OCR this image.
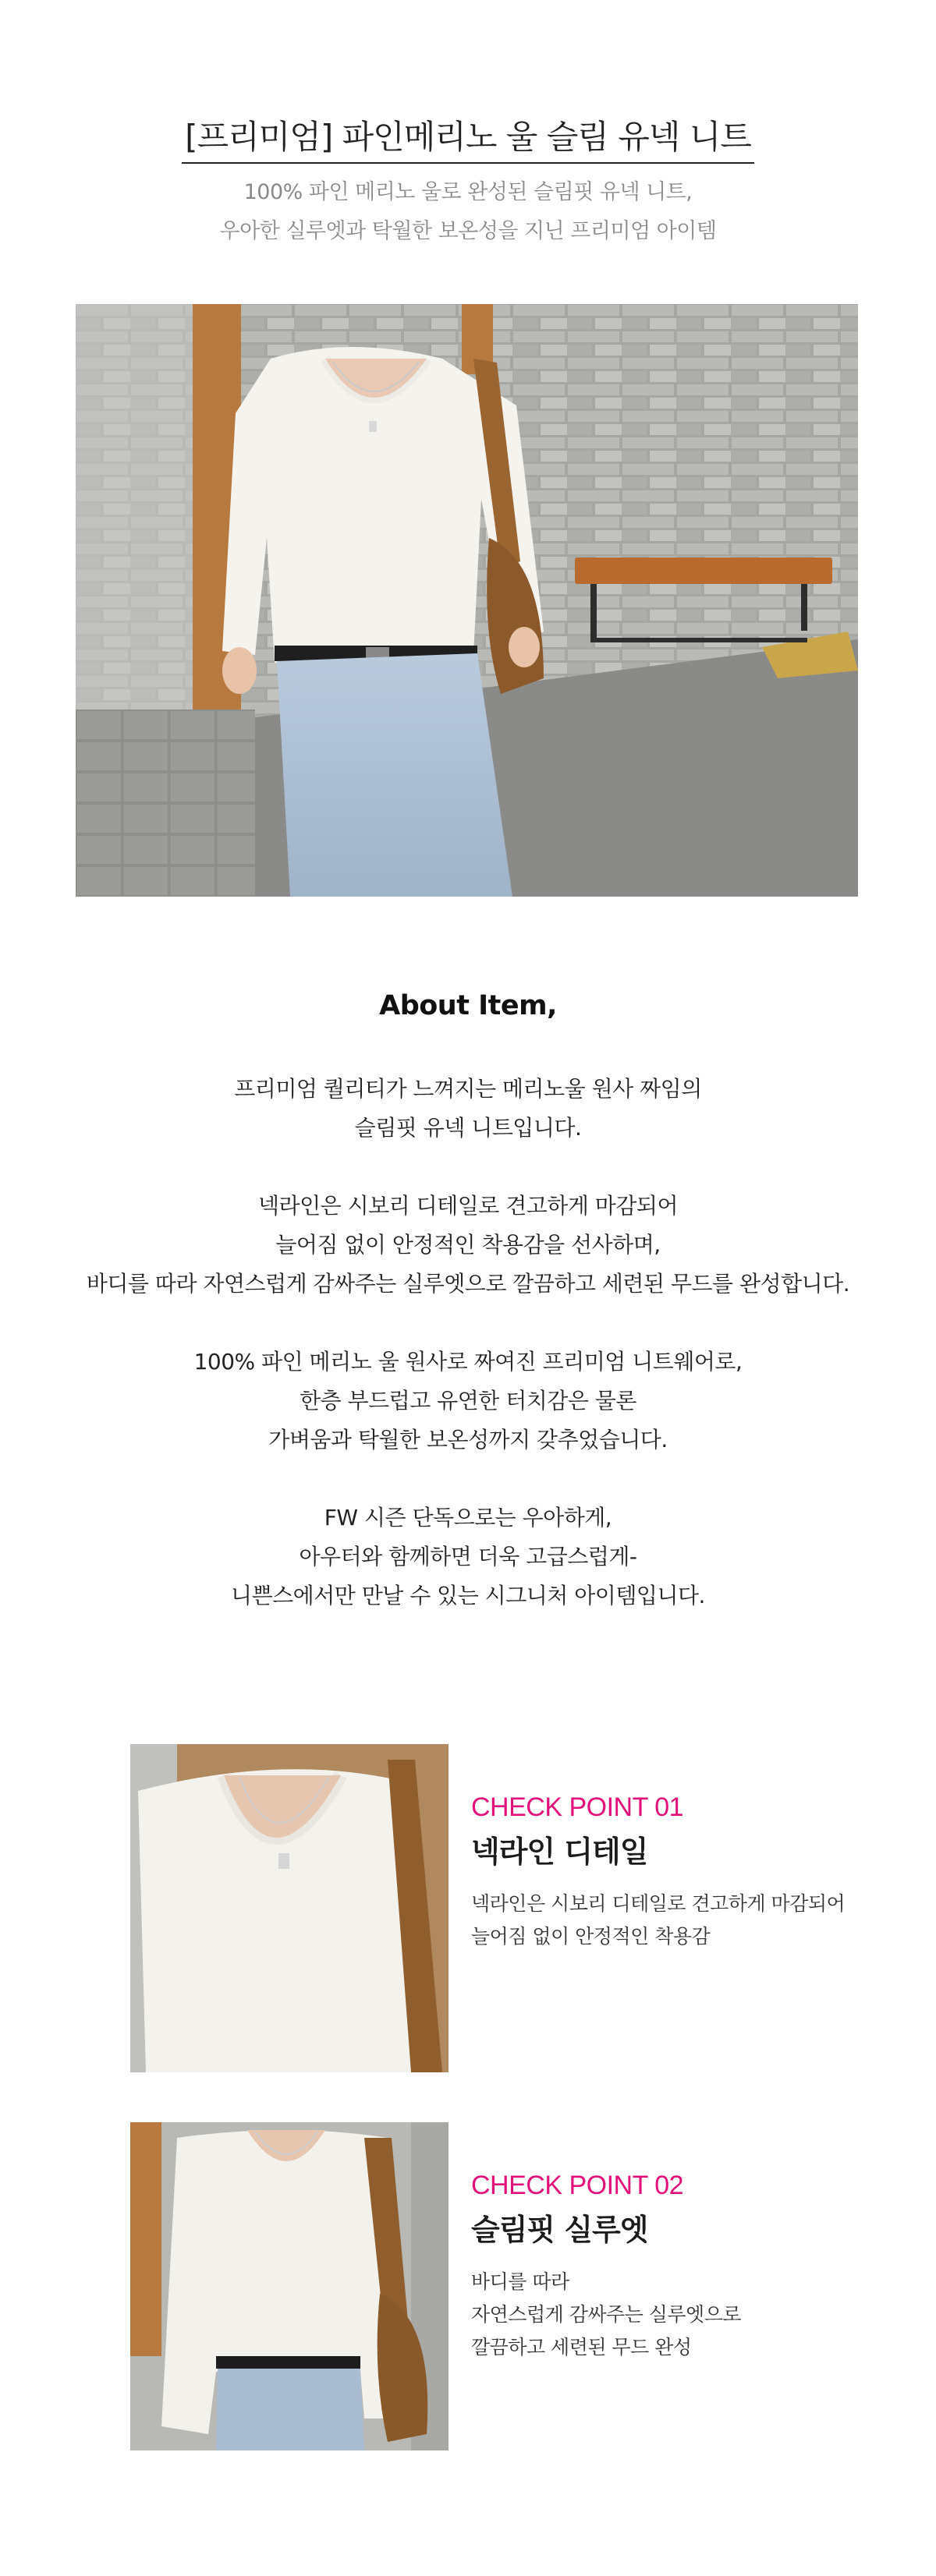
[프리미엄] 파인메리노 울 슬림 유넥 니트
100% 파인 메리노 울로 완성된 슬림핏 유넥 니트,
우아한 실루엣과 탁월한 보온성을 지닌 프리미엄 아이템
About Item,
프리미엄 퀄리티가 느껴지는 메리노울 원사 짜임의
슬림핏 유넥 니트입니다.
넥라인은 시보리 디테일로 견고하게 마감되어
늘어짐 없이 안정적인 착용감을 선사하며,
바디를 따라 자연스럽게 감싸주는 실루엣으로 깔끔하고 세련된 무드를 완성합니다.
100% 파인 메리노 울 원사로 짜여진 프리미엄 니트웨어로,
한층 부드럽고 유연한 터치감은 물론
가벼움과 탁월한 보온성까지 갖추었습니다.
FW 시즌 단독으로는 우아하게,
아우터와 함께하면 더욱 고급스럽게-
니쁜스에서만 만날 수 있는 시그니처 아이템입니다.
CHECK POINT 01
넥라인 디테일
넥라인은 시보리 디테일로 견고하게 마감되어
늘어짐 없이 안정적인 착용감
CHECK POINT 02
슬림핏 실루엣
바디를 따라
자연스럽게 감싸주는 실루엣으로
깔끔하고 세련된 무드 완성
